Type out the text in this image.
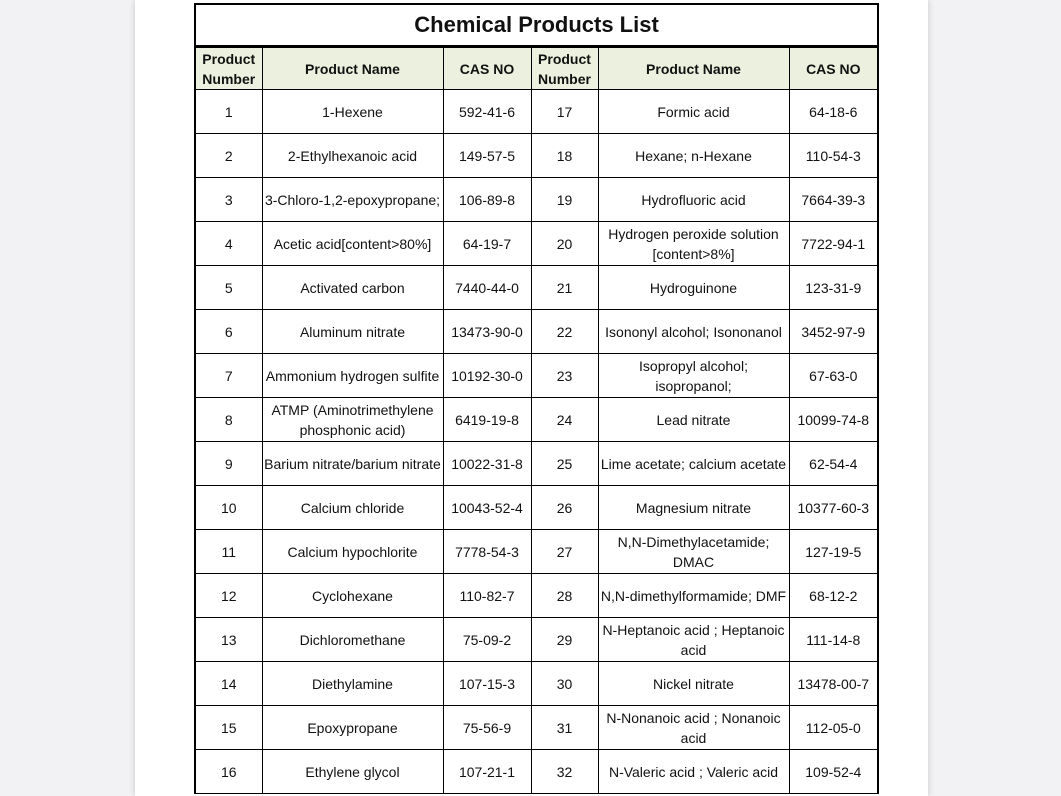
Chemical Products List					
Product Number	Product Name	CAS NO	Product Number	Product Name	CAS NO
1	1-Hexene	592-41-6	17	Formic acid	64-18-6
2	2-Ethylhexanoic acid	149-57-5	18	Hexane; n-Hexane	110-54-3
3	3-Chloro-1,2-epoxypropane;	106-89-8	19	Hydrofluoric acid	7664-39-3
4	Acetic acid[content>80%]	64-19-7	20	Hydrogen peroxide solution [content>8%]	7722-94-1
5	Activated carbon	7440-44-0	21	Hydroguinone	123-31-9
6	Aluminum nitrate	13473-90-0	22	Isononyl alcohol; Isononanol	3452-97-9
7	Ammonium hydrogen sulfite	10192-30-0	23	Isopropyl alcohol; isopropanol;	67-63-0
8	ATMP (Aminotrimethylene phosphonic acid)	6419-19-8	24	Lead nitrate	10099-74-8
9	Barium nitrate/barium nitrate	10022-31-8	25	Lime acetate; calcium acetate	62-54-4
10	Calcium chloride	10043-52-4	26	Magnesium nitrate	10377-60-3
11	Calcium hypochlorite	7778-54-3	27	N,N-Dimethylacetamide; DMAC	127-19-5
12	Cyclohexane	110-82-7	28	N,N-dimethylformamide; DMF	68-12-2
13	Dichloromethane	75-09-2	29	N-Heptanoic acid ; Heptanoic acid	111-14-8
14	Diethylamine	107-15-3	30	Nickel nitrate	13478-00-7
15	Epoxypropane	75-56-9	31	N-Nonanoic acid ; Nonanoic acid	112-05-0
16	Ethylene glycol	107-21-1	32	N-Valeric acid ; Valeric acid	109-52-4
